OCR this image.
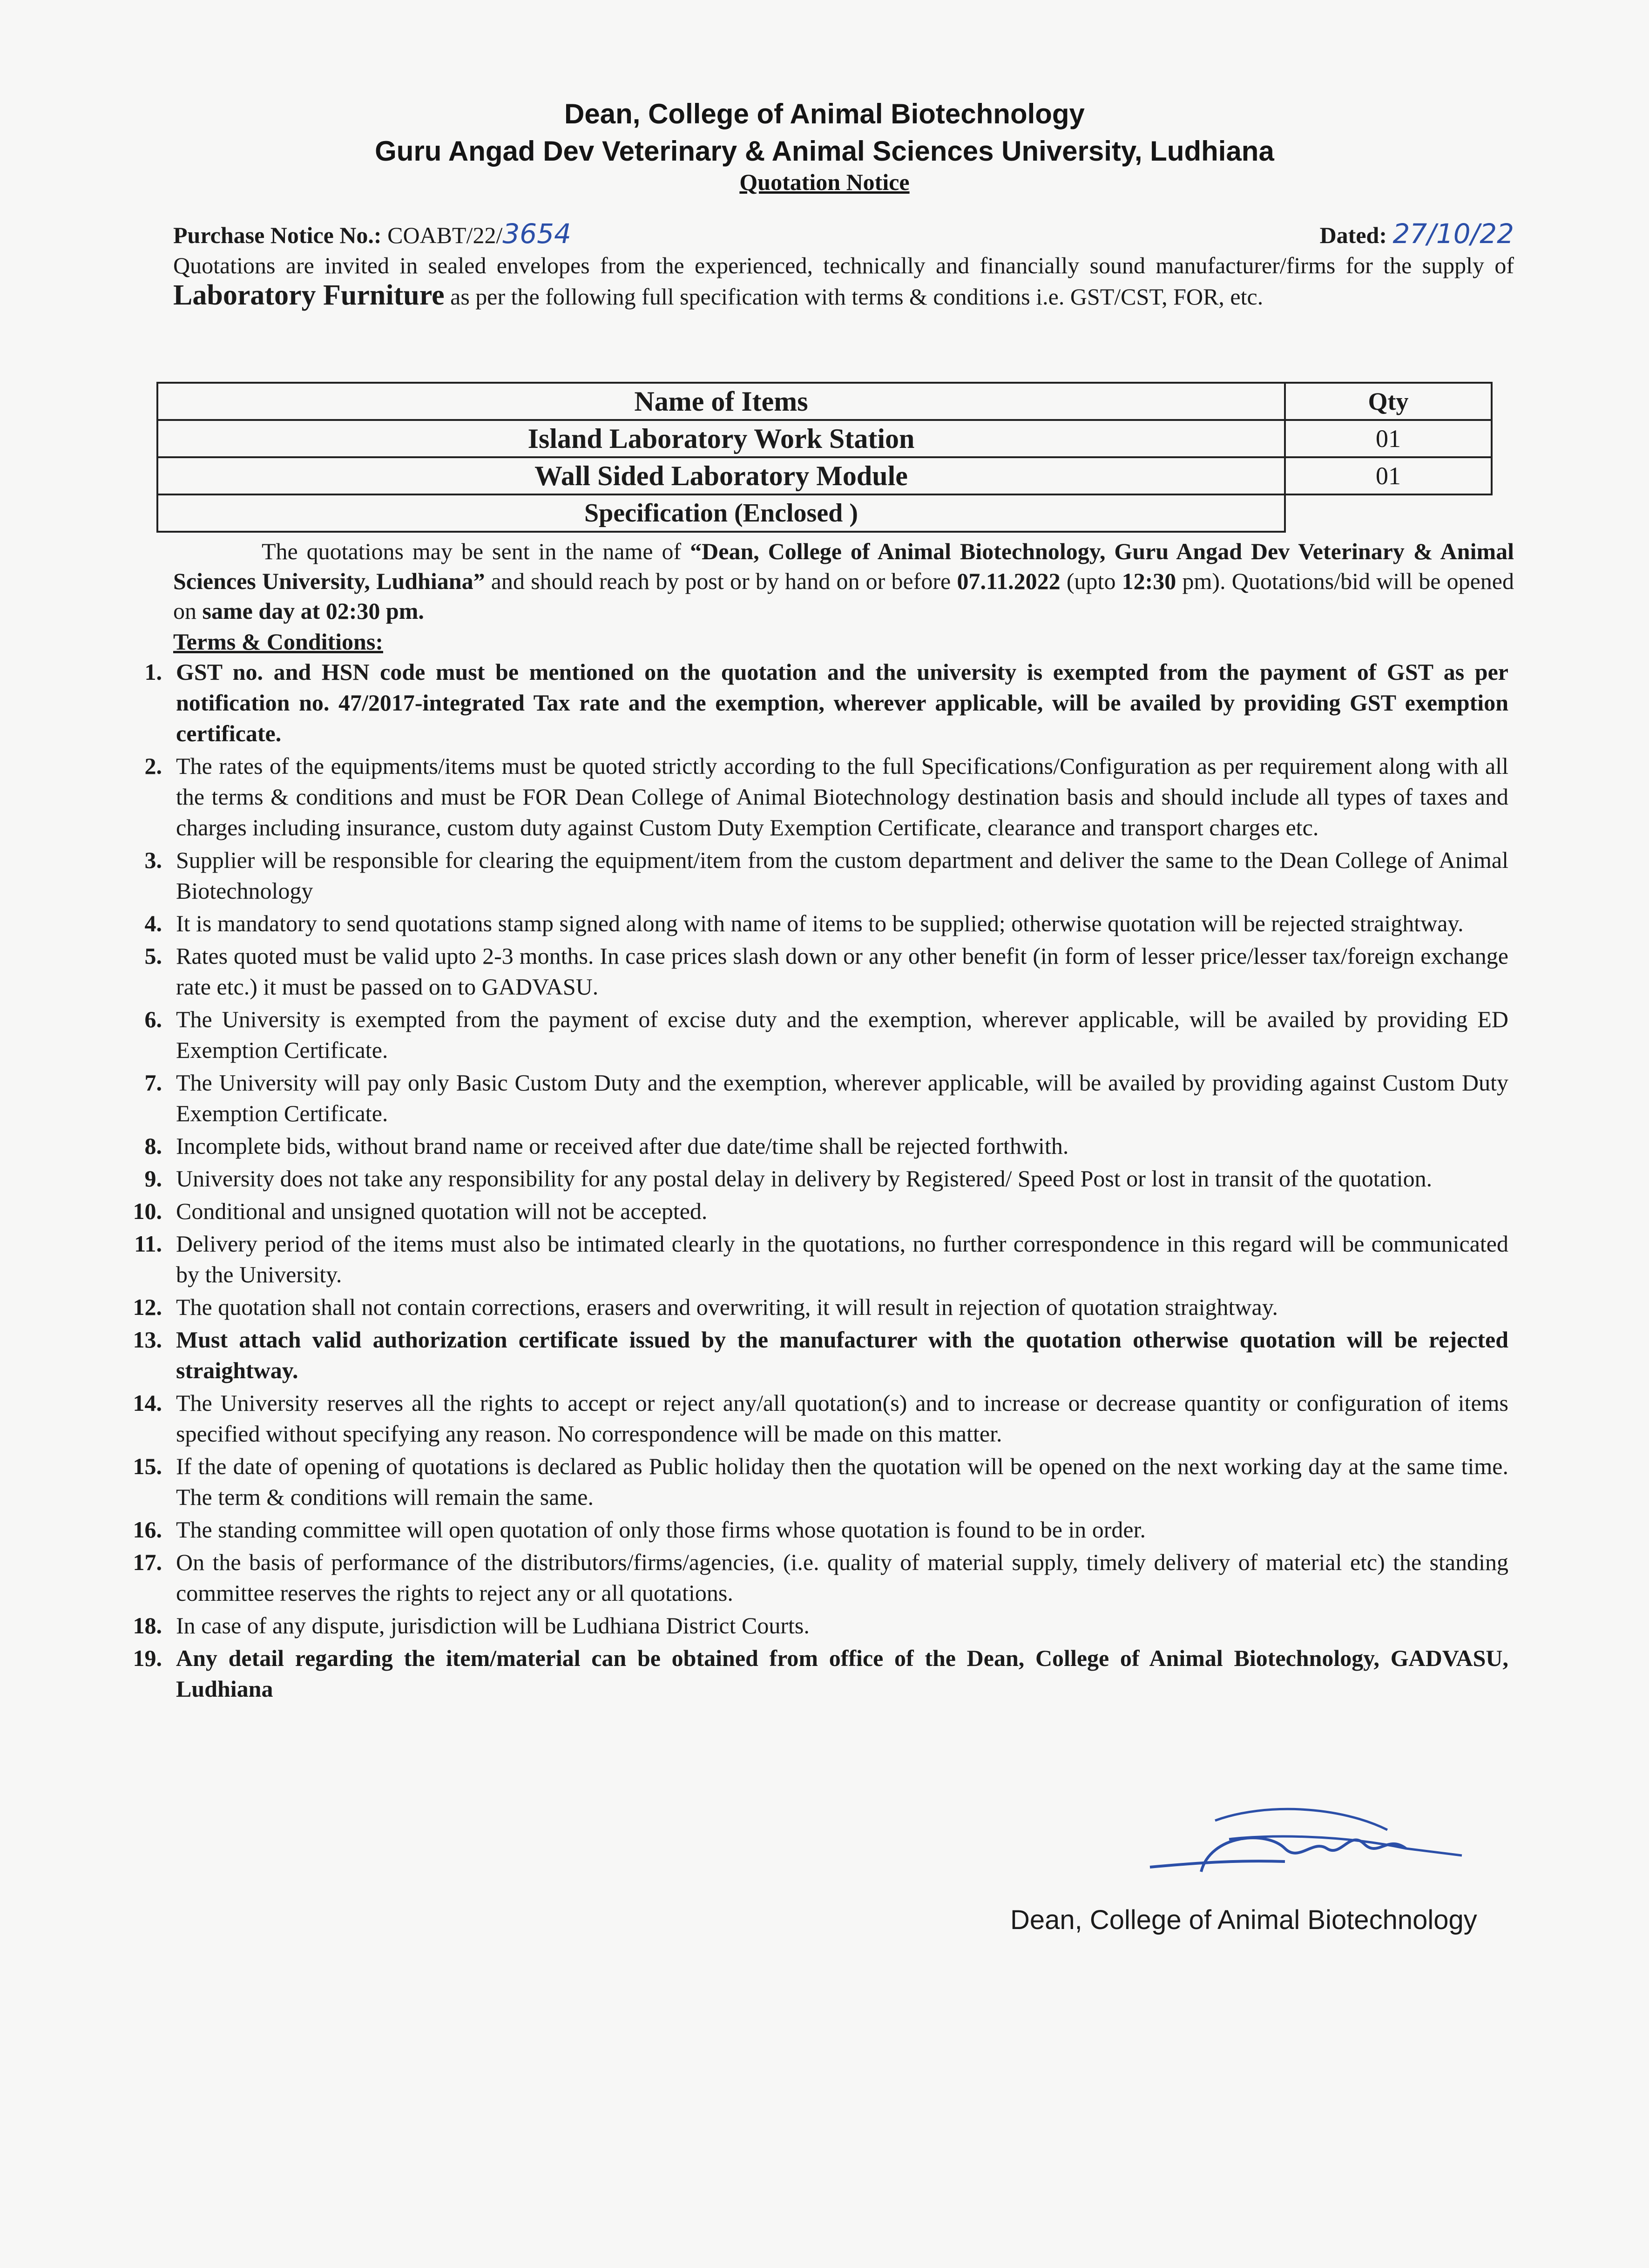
Dean, College of Animal Biotechnology
Guru Angad Dev Veterinary & Animal Sciences University, Ludhiana
Quotation Notice
Purchase Notice No.: COABT/22/3654	Dated: 27/10/22
Quotations are invited in sealed envelopes from the experienced, technically and financially sound manufacturer/firms for the supply of Laboratory Furniture as per the following full specification with terms & conditions i.e. GST/CST, FOR, etc.
Name of Items	Qty
Island Laboratory Work Station	01
Wall Sided Laboratory Module	01
Specification (Enclosed )	
The quotations may be sent in the name of “Dean, College of Animal Biotechnology, Guru Angad Dev Veterinary & Animal Sciences University, Ludhiana” and should reach by post or by hand on or before 07.11.2022 (upto 12:30 pm). Quotations/bid will be opened on same day at 02:30 pm.
Terms & Conditions:
1. GST no. and HSN code must be mentioned on the quotation and the university is exempted from the payment of GST as per notification no. 47/2017-integrated Tax rate and the exemption, wherever applicable, will be availed by providing GST exemption certificate.
2. The rates of the equipments/items must be quoted strictly according to the full Specifications/Configuration as per requirement along with all the terms & conditions and must be FOR Dean College of Animal Biotechnology destination basis and should include all types of taxes and charges including insurance, custom duty against Custom Duty Exemption Certificate, clearance and transport charges etc.
3. Supplier will be responsible for clearing the equipment/item from the custom department and deliver the same to the Dean College of Animal Biotechnology
4. It is mandatory to send quotations stamp signed along with name of items to be supplied; otherwise quotation will be rejected straightway.
5. Rates quoted must be valid upto 2-3 months. In case prices slash down or any other benefit (in form of lesser price/lesser tax/foreign exchange rate etc.) it must be passed on to GADVASU.
6. The University is exempted from the payment of excise duty and the exemption, wherever applicable, will be availed by providing ED Exemption Certificate.
7. The University will pay only Basic Custom Duty and the exemption, wherever applicable, will be availed by providing against Custom Duty Exemption Certificate.
8. Incomplete bids, without brand name or received after due date/time shall be rejected forthwith.
9. University does not take any responsibility for any postal delay in delivery by Registered/ Speed Post or lost in transit of the quotation.
10. Conditional and unsigned quotation will not be accepted.
11. Delivery period of the items must also be intimated clearly in the quotations, no further correspondence in this regard will be communicated by the University.
12. The quotation shall not contain corrections, erasers and overwriting, it will result in rejection of quotation straightway.
13. Must attach valid authorization certificate issued by the manufacturer with the quotation otherwise quotation will be rejected straightway.
14. The University reserves all the rights to accept or reject any/all quotation(s) and to increase or decrease quantity or configuration of items specified without specifying any reason. No correspondence will be made on this matter.
15. If the date of opening of quotations is declared as Public holiday then the quotation will be opened on the next working day at the same time. The term & conditions will remain the same.
16. The standing committee will open quotation of only those firms whose quotation is found to be in order.
17. On the basis of performance of the distributors/firms/agencies, (i.e. quality of material supply, timely delivery of material etc) the standing committee reserves the rights to reject any or all quotations.
18. In case of any dispute, jurisdiction will be Ludhiana District Courts.
19. Any detail regarding the item/material can be obtained from office of the Dean, College of Animal Biotechnology, GADVASU, Ludhiana
Dean, College of Animal Biotechnology
